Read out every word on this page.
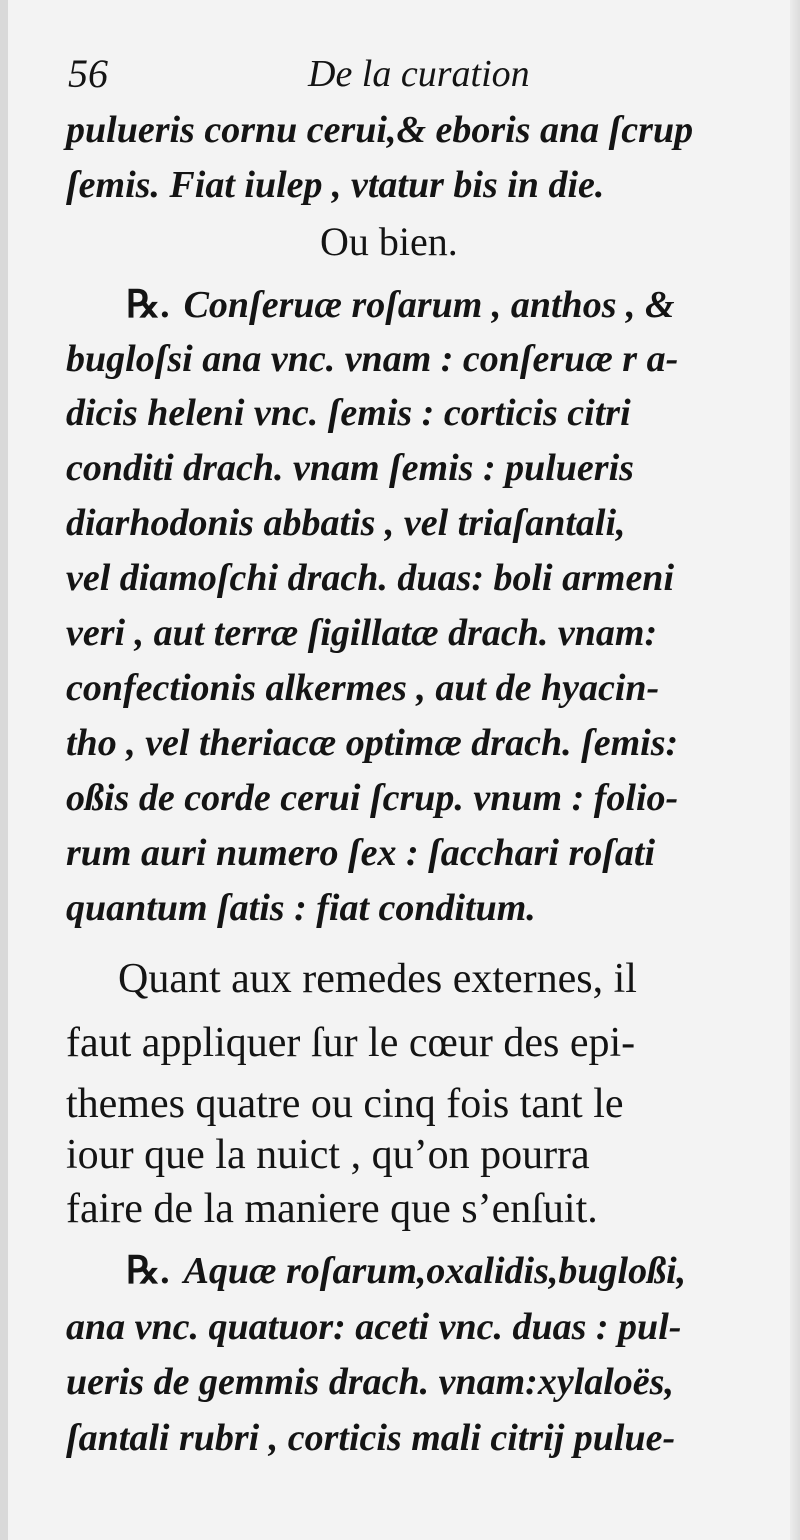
56	De la curation

pulueris cornu cerui,& eboris ana ſcrup

ſemis. Fiat iulep , vtatur bis in die.

Ou bien.

℞. Conſeruæ roſarum , anthos , &

bugloſsi ana vnc. vnam : conſeruæ r a-

dicis heleni vnc. ſemis : corticis citri

conditi drach. vnam ſemis : pulueris

diarhodonis abbatis , vel triaſantali,

vel diamoſchi drach. duas: boli armeni

veri , aut terræ ſigillatæ drach. vnam:

confectionis alkermes , aut de hyacin-

tho , vel theriacæ optimæ drach. ſemis:

oßis de corde cerui ſcrup. vnum : folio-

rum auri numero ſex : ſacchari roſati

quantum ſatis : fiat conditum.

Quant aux remedes externes, il

faut appliquer ſur le cœur des epi-

themes quatre ou cinq fois tant le

iour que la nuict , qu’on pourra

faire de la maniere que s’enſuit.

℞. Aquæ roſarum,oxalidis,bugloßi,

ana vnc. quatuor: aceti vnc. duas : pul-

ueris de gemmis drach. vnam:xylaloës,

ſantali rubri , corticis mali citrij pulue-
